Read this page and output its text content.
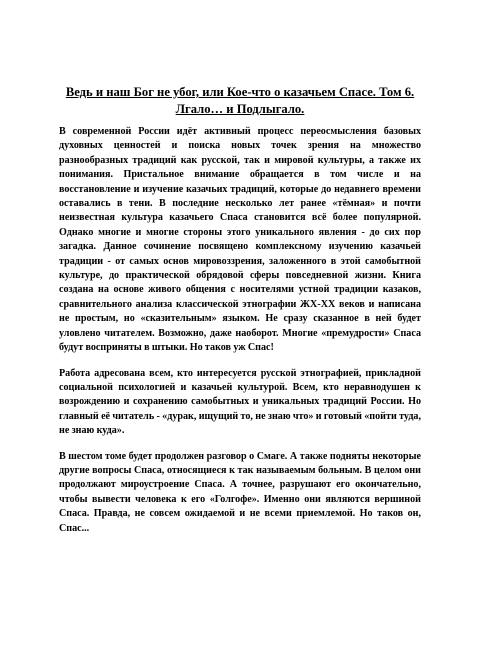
Ведь и наш Бог не убог, или Кое-что о казачьем Спасе. Том 6. Лгало… и Подлыгало.

В современной России идёт активный процесс переосмысления базовых духовных ценностей и поиска новых точек зрения на множество разнообразных традиций как русской, так и мировой культуры, а также их понимания. Пристальное внимание обращается в том числе и на восстановление и изучение казачьих традиций, которые до недавнего времени оставались в тени. В последние несколько лет ранее «тёмная» и почти неизвестная культура казачьего Спаса становится всё более популярной. Однако многие и многие стороны этого уникального явления - до сих пор загадка. Данное сочинение посвящено комплексному изучению казачьей традиции - от самых основ мировоззрения, заложенного в этой самобытной культуре, до практической обрядовой сферы повседневной жизни. Книга создана на основе живого общения с носителями устной традиции казаков, сравнительного анализа классической этнографии ЖХ-ХХ веков и написана не простым, но «сказительным» языком. Не сразу сказанное в ней будет уловлено читателем. Возможно, даже наоборот. Многие «премудрости» Спаса будут восприняты в штыки. Но таков уж Спас!

Работа адресована всем, кто интересуется русской этнографией, прикладной социальной психологией и казачьей культурой. Всем, кто неравнодушен к возрождению и сохранению самобытных и уникальных традиций России. Но главный её читатель - «дурак, ищущий то, не знаю что» и готовый «пойти туда, не знаю куда».

В шестом томе будет продолжен разговор о Смаге. А также подняты некоторые другие вопросы Спаса, относящиеся к так называемым больным. В целом они продолжают мироустроение Спаса. А точнее, разрушают его окончательно, чтобы вывести человека к его «Голгофе». Именно они являются вершиной Спаса. Правда, не совсем ожидаемой и не всеми приемлемой. Но таков он, Спас...
